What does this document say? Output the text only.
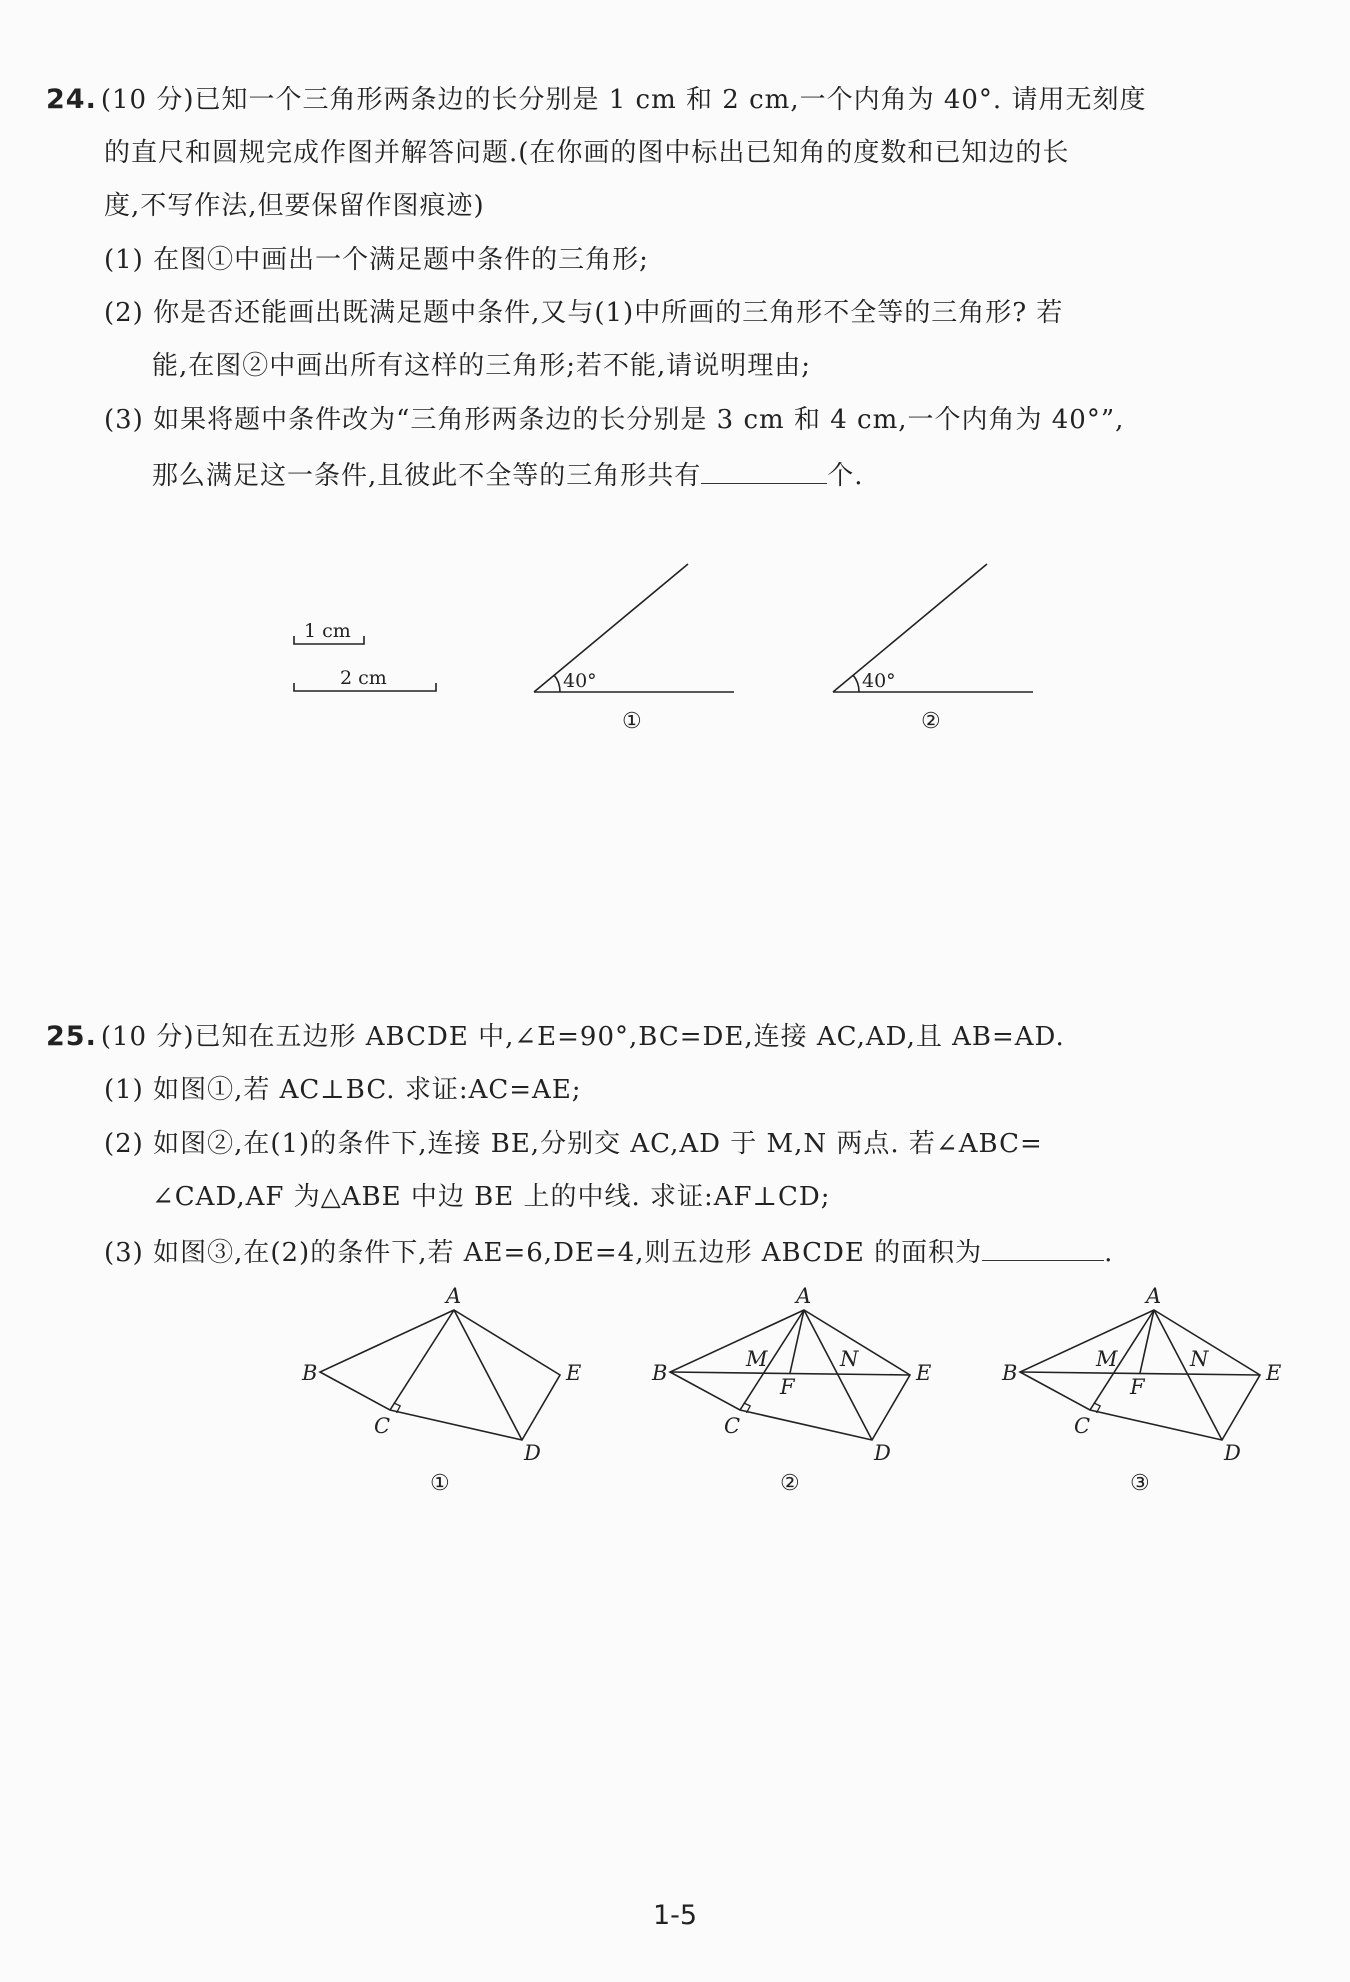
24. (10 分)已知一个三角形两条边的长分别是 1 cm 和 2 cm,一个内角为 40°. 请用无刻度
的直尺和圆规完成作图并解答问题.(在你画的图中标出已知角的度数和已知边的长
度,不写作法,但要保留作图痕迹)
(1) 在图①中画出一个满足题中条件的三角形;
(2) 你是否还能画出既满足题中条件,又与(1)中所画的三角形不全等的三角形? 若
能,在图②中画出所有这样的三角形;若不能,请说明理由;
(3) 如果将题中条件改为“三角形两条边的长分别是 3 cm 和 4 cm,一个内角为 40°”,
那么满足这一条件,且彼此不全等的三角形共有	个.
1 cm
2 cm	40°	40°
①	②
25. (10 分)已知在五边形 ABCDE 中,∠E=90°,BC=DE,连接 AC,AD,且 AB=AD.
(1) 如图①,若 AC⊥BC. 求证:AC=AE;
(2) 如图②,在(1)的条件下,连接 BE,分别交 AC,AD 于 M,N 两点. 若∠ABC=
∠CAD,AF 为△ABE 中边 BE 上的中线. 求证:AF⊥CD;
(3) 如图③,在(2)的条件下,若 AE=6,DE=4,则五边形 ABCDE 的面积为	.
A
B
C
D
E
①
A
B
C
D
E
M	N
F
②
A
B
C
D
E
M	N
F
③
1-5
